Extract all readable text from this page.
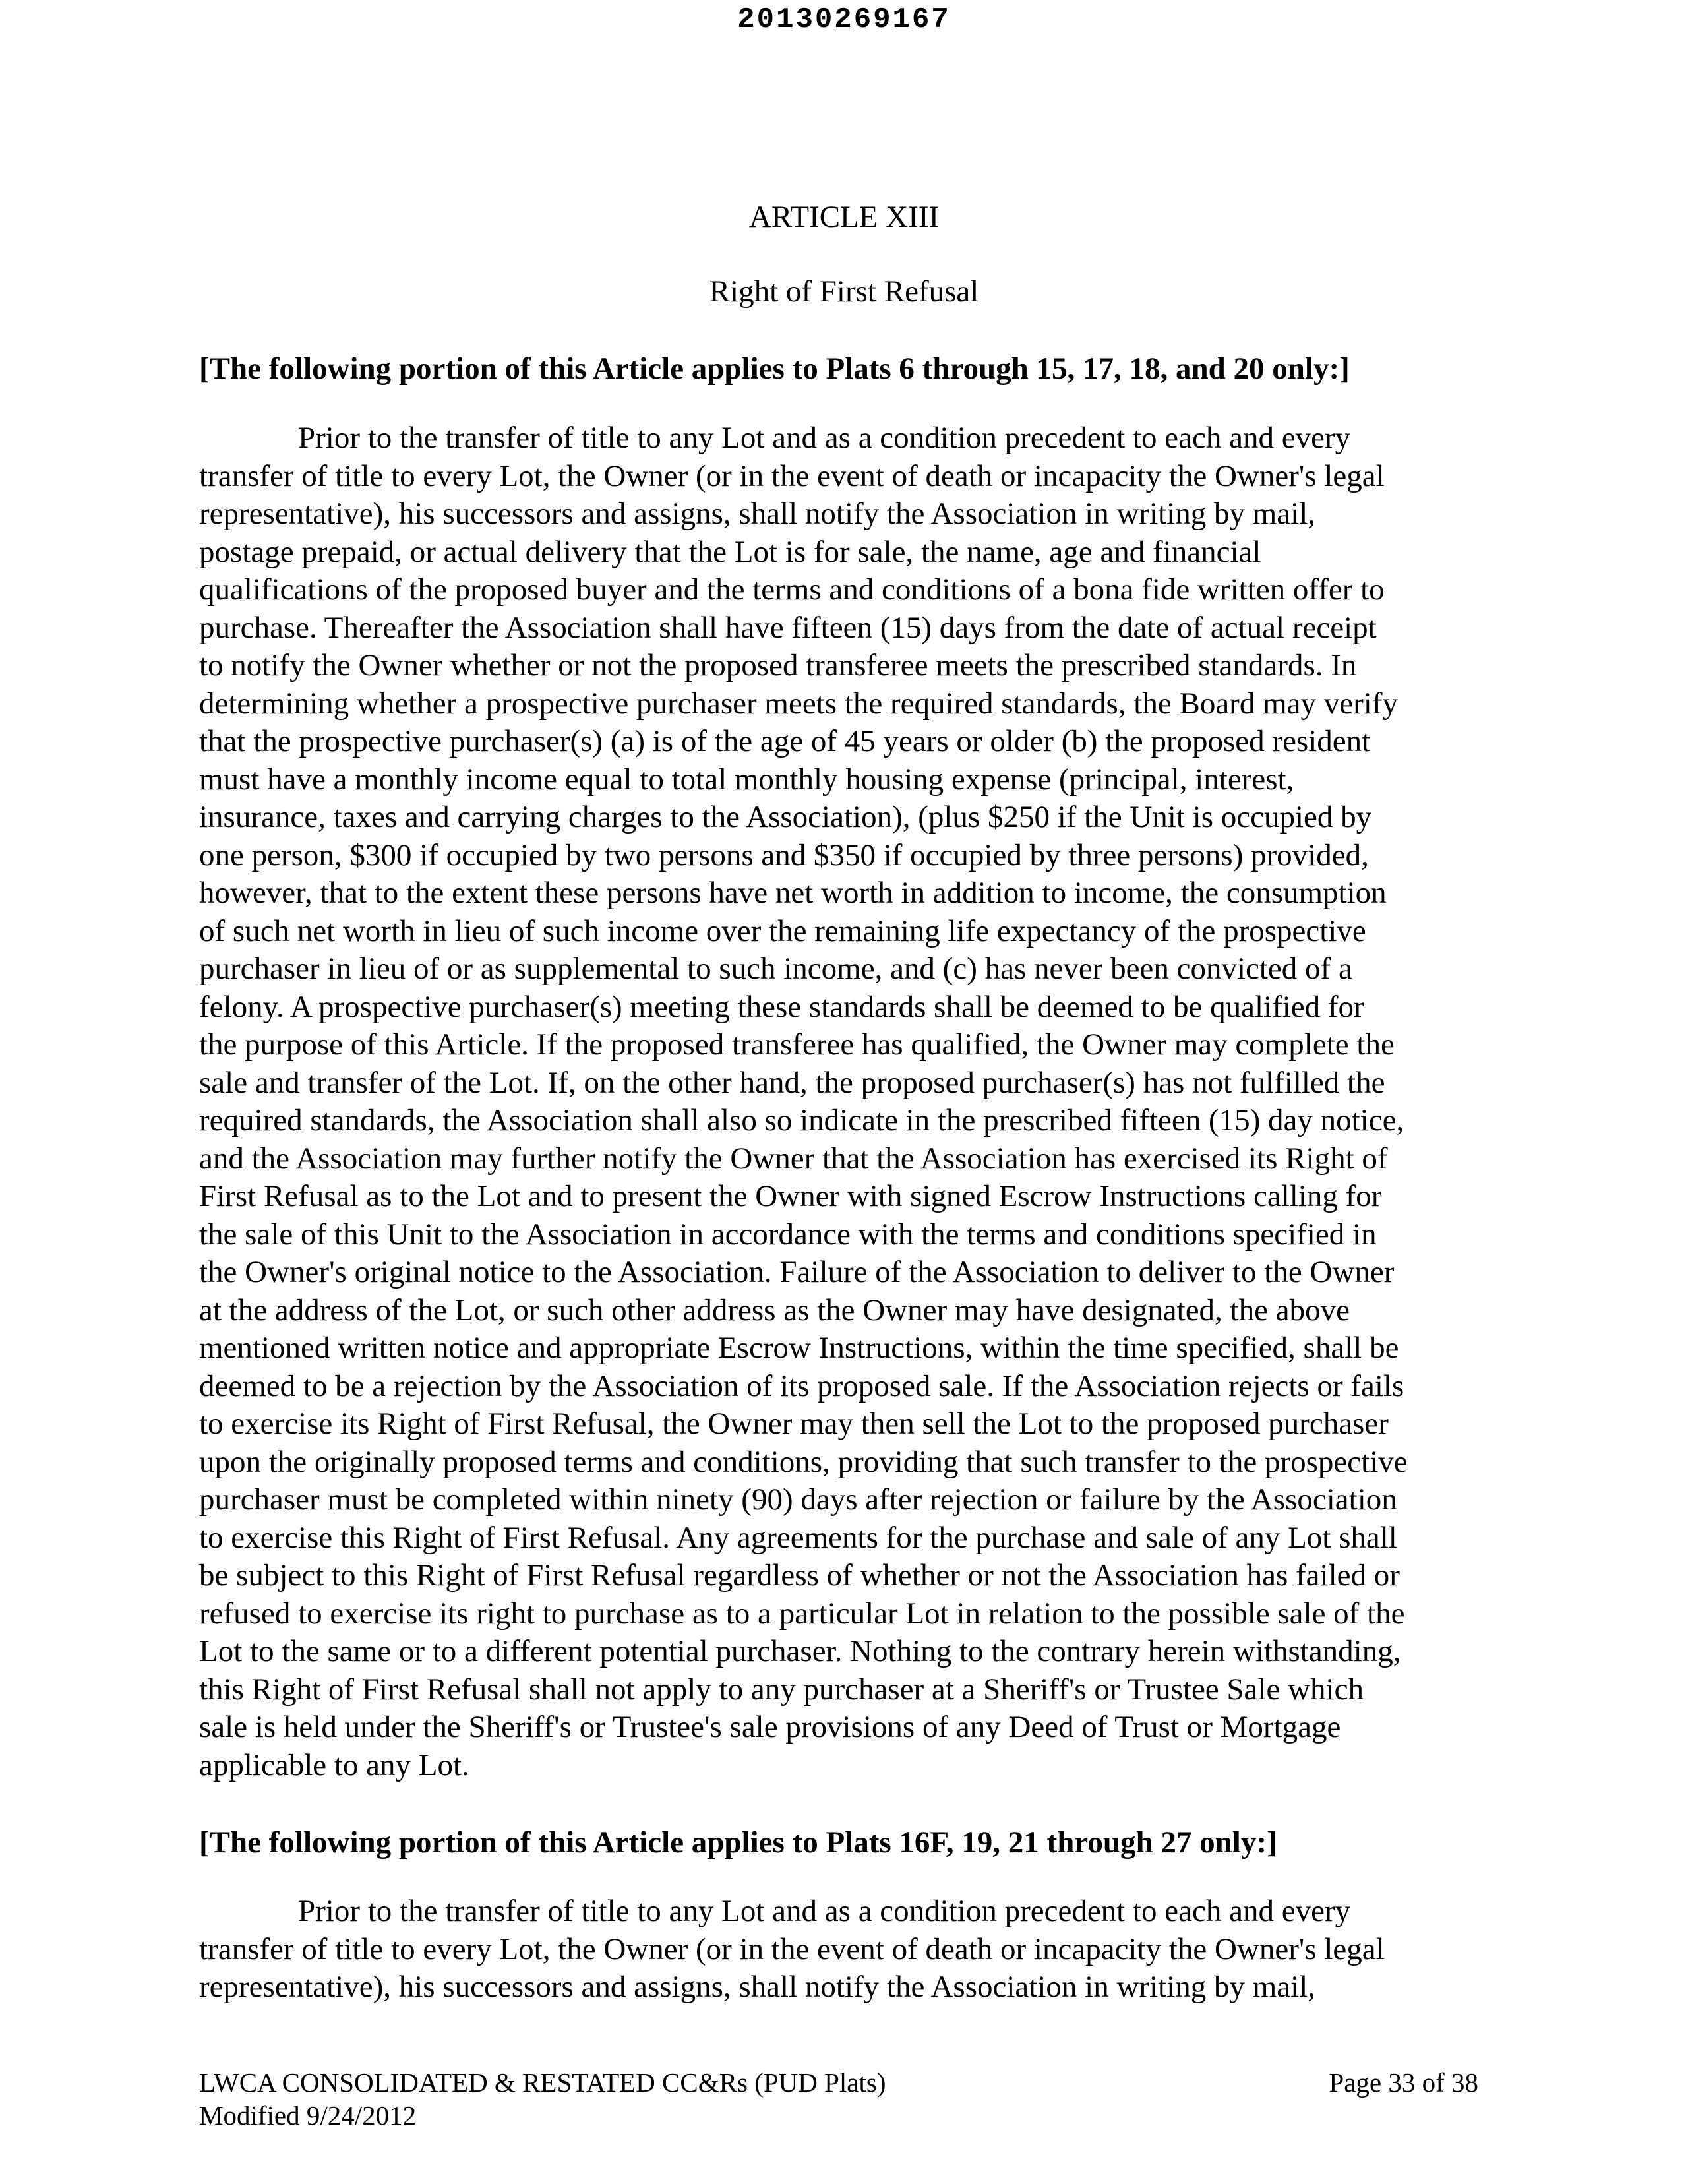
20130269167
ARTICLE XIII
Right of First Refusal
[The following portion of this Article applies to Plats 6 through 15, 17, 18, and 20 only:]
Prior to the transfer of title to any Lot and as a condition precedent to each and every
transfer of title to every Lot, the Owner (or in the event of death or incapacity the Owner's legal
representative), his successors and assigns, shall notify the Association in writing by mail,
postage prepaid, or actual delivery that the Lot is for sale, the name, age and financial
qualifications of the proposed buyer and the terms and conditions of a bona fide written offer to
purchase. Thereafter the Association shall have fifteen (15) days from the date of actual receipt
to notify the Owner whether or not the proposed transferee meets the prescribed standards. In
determining whether a prospective purchaser meets the required standards, the Board may verify
that the prospective purchaser(s) (a) is of the age of 45 years or older (b) the proposed resident
must have a monthly income equal to total monthly housing expense (principal, interest,
insurance, taxes and carrying charges to the Association), (plus $250 if the Unit is occupied by
one person, $300 if occupied by two persons and $350 if occupied by three persons) provided,
however, that to the extent these persons have net worth in addition to income, the consumption
of such net worth in lieu of such income over the remaining life expectancy of the prospective
purchaser in lieu of or as supplemental to such income, and (c) has never been convicted of a
felony. A prospective purchaser(s) meeting these standards shall be deemed to be qualified for
the purpose of this Article. If the proposed transferee has qualified, the Owner may complete the
sale and transfer of the Lot. If, on the other hand, the proposed purchaser(s) has not fulfilled the
required standards, the Association shall also so indicate in the prescribed fifteen (15) day notice,
and the Association may further notify the Owner that the Association has exercised its Right of
First Refusal as to the Lot and to present the Owner with signed Escrow Instructions calling for
the sale of this Unit to the Association in accordance with the terms and conditions specified in
the Owner's original notice to the Association. Failure of the Association to deliver to the Owner
at the address of the Lot, or such other address as the Owner may have designated, the above
mentioned written notice and appropriate Escrow Instructions, within the time specified, shall be
deemed to be a rejection by the Association of its proposed sale. If the Association rejects or fails
to exercise its Right of First Refusal, the Owner may then sell the Lot to the proposed purchaser
upon the originally proposed terms and conditions, providing that such transfer to the prospective
purchaser must be completed within ninety (90) days after rejection or failure by the Association
to exercise this Right of First Refusal. Any agreements for the purchase and sale of any Lot shall
be subject to this Right of First Refusal regardless of whether or not the Association has failed or
refused to exercise its right to purchase as to a particular Lot in relation to the possible sale of the
Lot to the same or to a different potential purchaser. Nothing to the contrary herein withstanding,
this Right of First Refusal shall not apply to any purchaser at a Sheriff's or Trustee Sale which
sale is held under the Sheriff's or Trustee's sale provisions of any Deed of Trust or Mortgage
applicable to any Lot.
[The following portion of this Article applies to Plats 16F, 19, 21 through 27 only:]
Prior to the transfer of title to any Lot and as a condition precedent to each and every
transfer of title to every Lot, the Owner (or in the event of death or incapacity the Owner's legal
representative), his successors and assigns, shall notify the Association in writing by mail,
LWCA CONSOLIDATED & RESTATED CC&Rs (PUD Plats)
Modified 9/24/2012
Page 33 of 38
